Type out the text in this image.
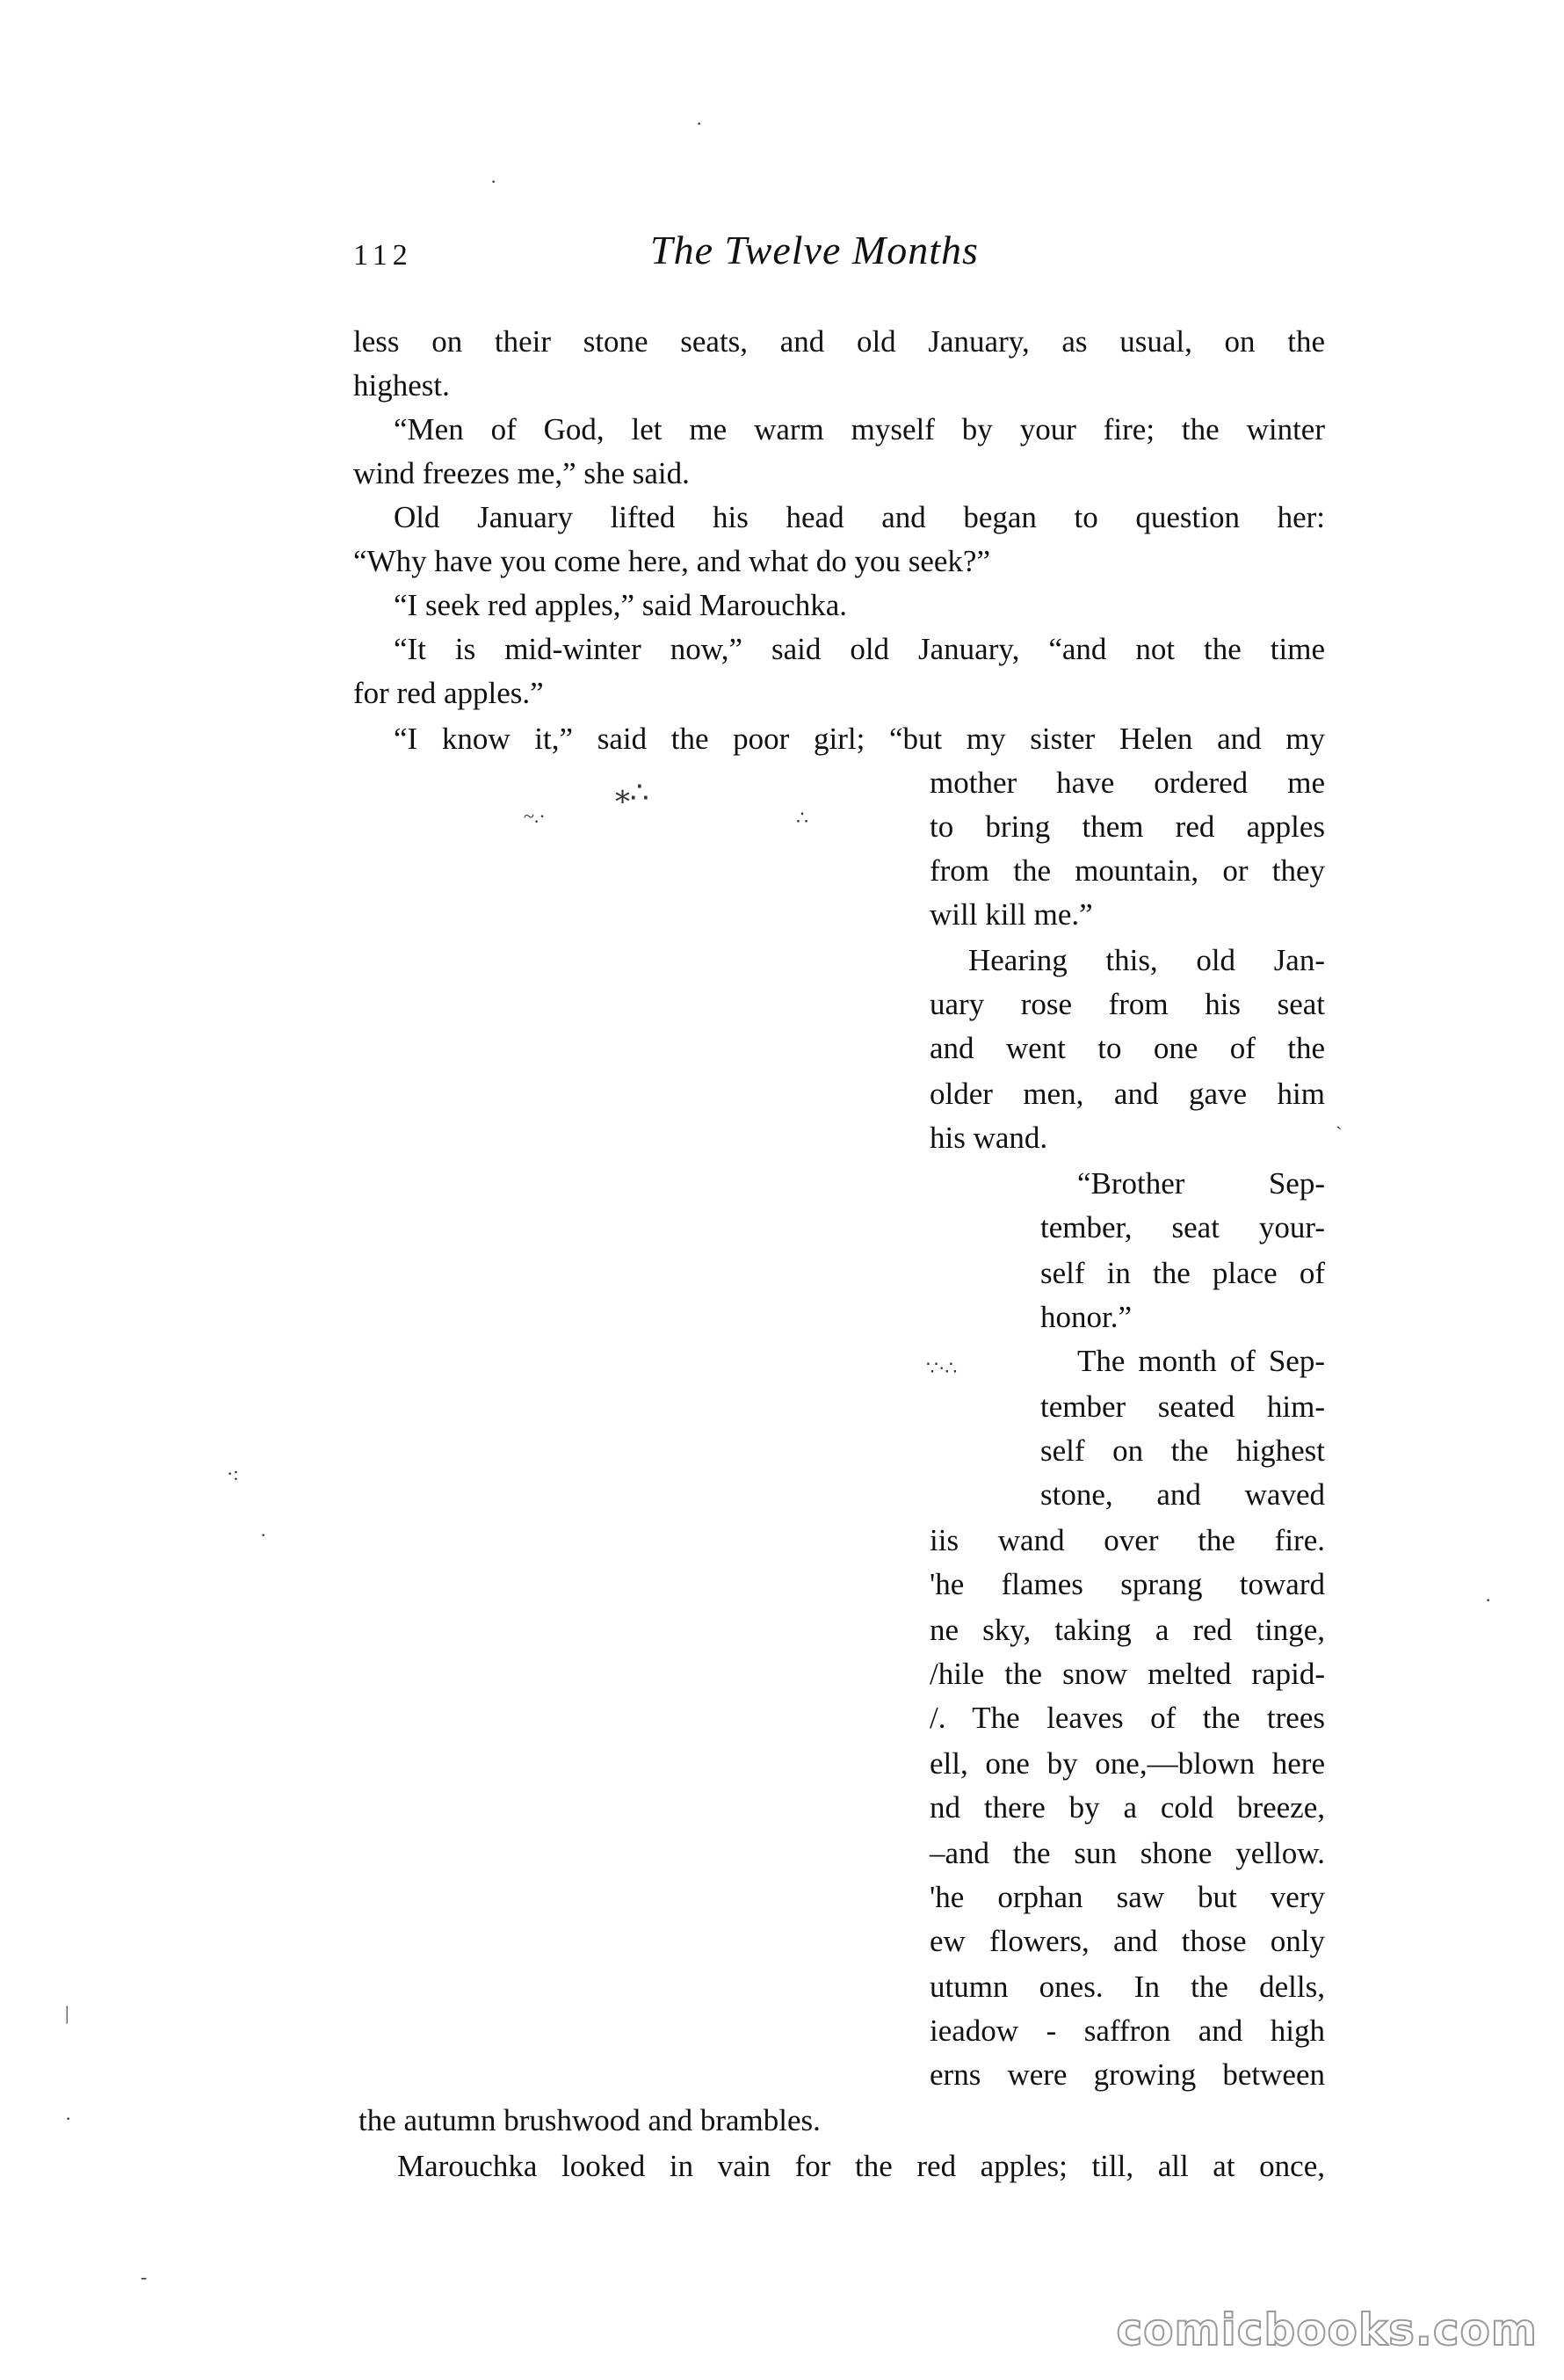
112	The Twelve Months

less on their stone seats, and old January, as usual, on the

highest.

“Men of God, let me warm myself by your fire; the winter

wind freezes me,” she said.

Old January lifted his head and began to question her:

“Why have you come here, and what do you seek?”

“I seek red apples,” said Marouchka.

“It is mid-winter now,” said old January, “and not the time

for red apples.”

“I know it,” said the poor girl; “but my sister Helen and my

mother have ordered me

to bring them red apples

from the mountain, or they

will kill me.”

Hearing this, old Jan-

uary rose from his seat

and went to one of the

older men, and gave him

his wand.

“Brother Sep-

tember, seat your-

self in the place of

honor.”

The month of Sep-

tember seated him-

self on the highest

stone, and waved

iis wand over the fire.

'he flames sprang toward

ne sky, taking a red tinge,

/hile the snow melted rapid-

/. The leaves of the trees

ell, one by one,—blown here

nd there by a cold breeze,

–and the sun shone yellow.

'he orphan saw but very

ew flowers, and those only

utumn ones. In the dells,

ieadow - saffron and high

erns were growing between

the autumn brushwood and brambles.

Marouchka looked in vain for the red apples; till, all at once,

·
·
~.·
⁎∴
∴
∵·∴
·:
·
·
ˎ
|
·
-
comicbooks.com
